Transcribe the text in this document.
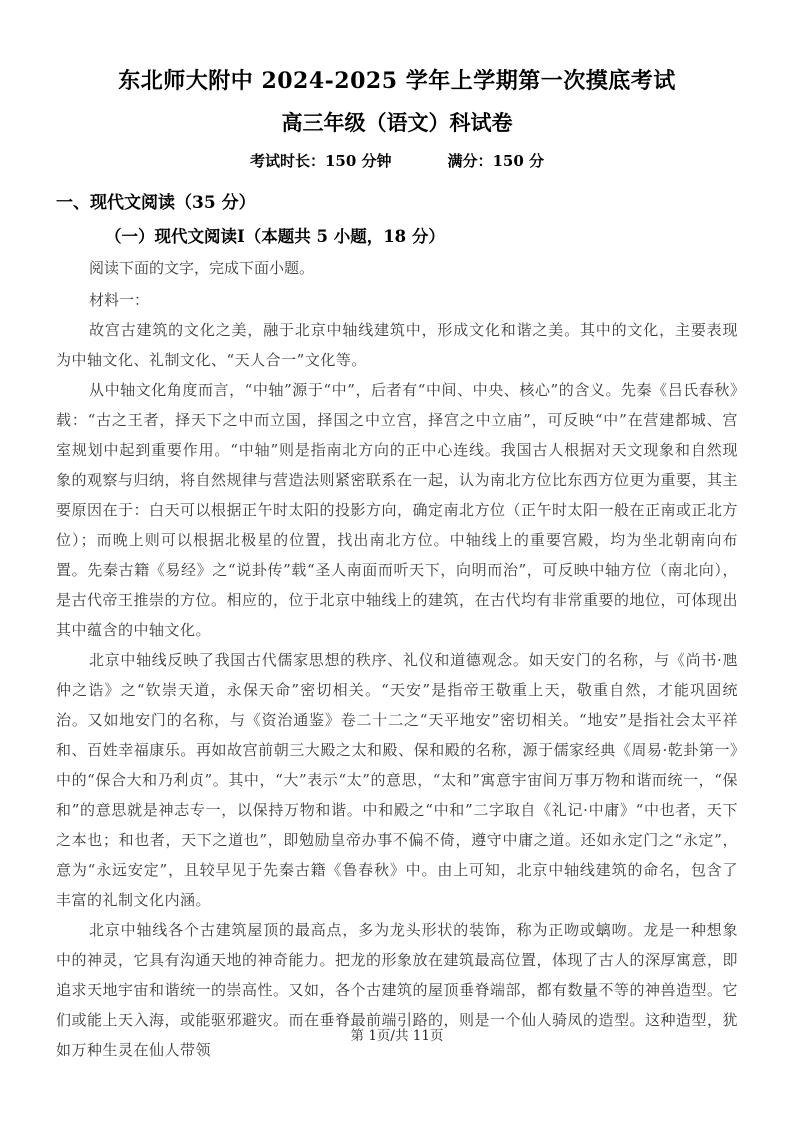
东北师大附中 2024-2025 学年上学期第一次摸底考试
高三年级（语文）科试卷
考试时长：150 分钟	满分：150 分
一、现代文阅读（35 分）
（一）现代文阅读Ⅰ（本题共 5 小题，18 分）

阅读下面的文字，完成下面小题。

材料一：

故宫古建筑的文化之美，融于北京中轴线建筑中，形成文化和谐之美。其中的文化，主要表现为中轴文化、礼制文化、“天人合一”文化等。

从中轴文化角度而言，“中轴”源于“中”，后者有“中间、中央、核心”的含义。先秦《吕氏春秋》载：“古之王者，择天下之中而立国，择国之中立宫，择宫之中立庙”，可反映“中”在营建都城、宫室规划中起到重要作用。“中轴”则是指南北方向的正中心连线。我国古人根据对天文现象和自然现象的观察与归纳，将自然规律与营造法则紧密联系在一起，认为南北方位比东西方位更为重要，其主要原因在于：白天可以根据正午时太阳的投影方向，确定南北方位（正午时太阳一般在正南或正北方位）；而晚上则可以根据北极星的位置，找出南北方位。中轴线上的重要宫殿，均为坐北朝南向布置。先秦古籍《易经》之“说卦传”载“圣人南面而听天下，向明而治”，可反映中轴方位（南北向），是古代帝王推崇的方位。相应的，位于北京中轴线上的建筑，在古代均有非常重要的地位，可体现出其中蕴含的中轴文化。

北京中轴线反映了我国古代儒家思想的秩序、礼仪和道德观念。如天安门的名称，与《尚书·虺仲之诰》之“钦崇天道，永保天命”密切相关。“天安”是指帝王敬重上天，敬重自然，才能巩固统治。又如地安门的名称，与《资治通鉴》卷二十二之“天平地安”密切相关。“地安”是指社会太平祥和、百姓幸福康乐。再如故宫前朝三大殿之太和殿、保和殿的名称，源于儒家经典《周易·乾卦第一》中的“保合大和乃利贞”。其中，“大”表示“太”的意思，“太和”寓意宇宙间万事万物和谐而统一，“保和”的意思就是神志专一，以保持万物和谐。中和殿之“中和”二字取自《礼记·中庸》“中也者，天下之本也；和也者，天下之道也”，即勉励皇帝办事不偏不倚，遵守中庸之道。还如永定门之“永定”，意为“永远安定”，且较早见于先秦古籍《鲁春秋》中。由上可知，北京中轴线建筑的命名，包含了丰富的礼制文化内涵。

北京中轴线各个古建筑屋顶的最高点，多为龙头形状的装饰，称为正吻或螭吻。龙是一种想象中的神灵，它具有沟通天地的神奇能力。把龙的形象放在建筑最高位置，体现了古人的深厚寓意，即追求天地宇宙和谐统一的崇高性。又如，各个古建筑的屋顶垂脊端部，都有数量不等的神兽造型。它们或能上天入海，或能驱邪避灾。而在垂脊最前端引路的，则是一个仙人骑凤的造型。这种造型，犹如万种生灵在仙人带领

第 1页/共 11页
